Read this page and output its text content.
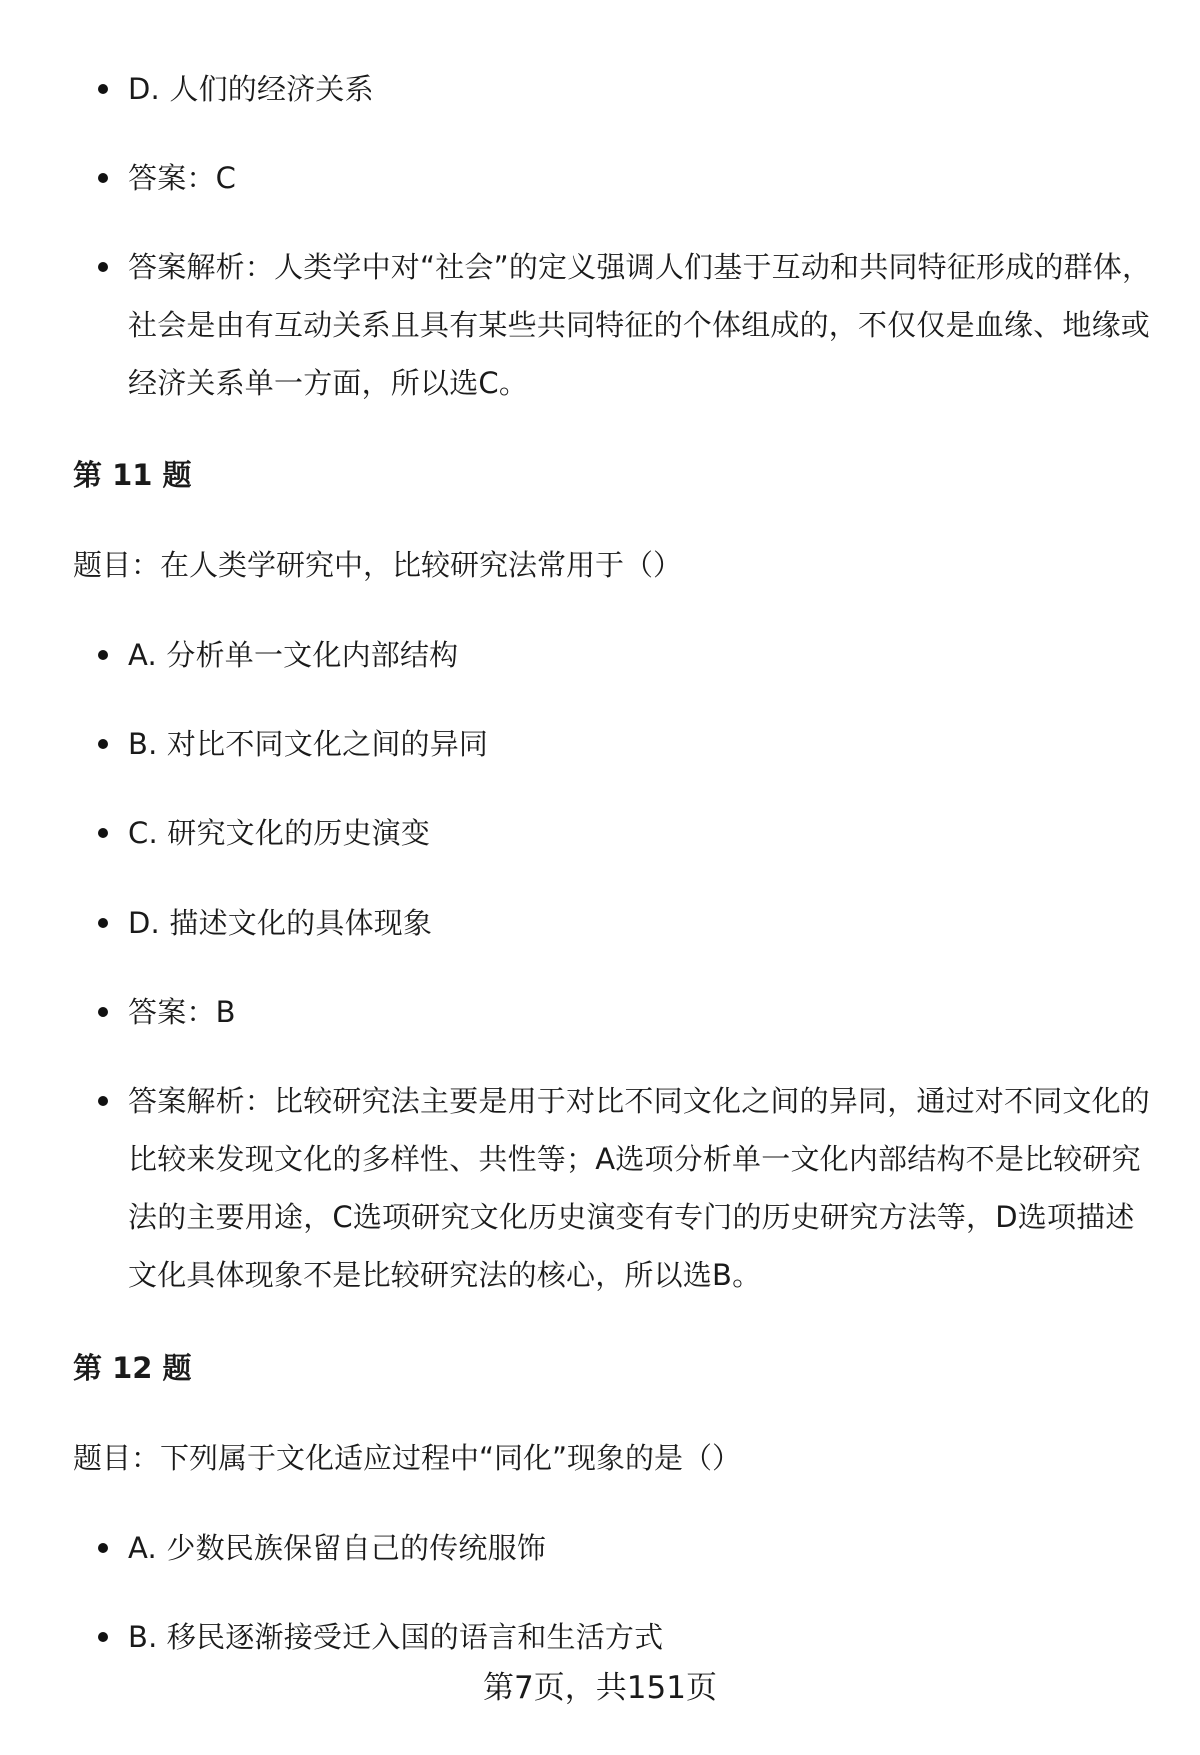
D. 人们的经济关系
答案：C
答案解析：人类学中对“社会”的定义强调人们基于互动和共同特征形成的群体，社会是由有互动关系且具有某些共同特征的个体组成的，不仅仅是血缘、地缘或经济关系单一方面，所以选C。
第 11 题
题目：在人类学研究中，比较研究法常用于（）
A. 分析单一文化内部结构
B. 对比不同文化之间的异同
C. 研究文化的历史演变
D. 描述文化的具体现象
答案：B
答案解析：比较研究法主要是用于对比不同文化之间的异同，通过对不同文化的比较来发现文化的多样性、共性等；A选项分析单一文化内部结构不是比较研究法的主要用途，C选项研究文化历史演变有专门的历史研究方法等，D选项描述文化具体现象不是比较研究法的核心，所以选B。
第 12 题
题目：下列属于文化适应过程中“同化”现象的是（）
A. 少数民族保留自己的传统服饰
B. 移民逐渐接受迁入国的语言和生活方式
第7页，共151页
